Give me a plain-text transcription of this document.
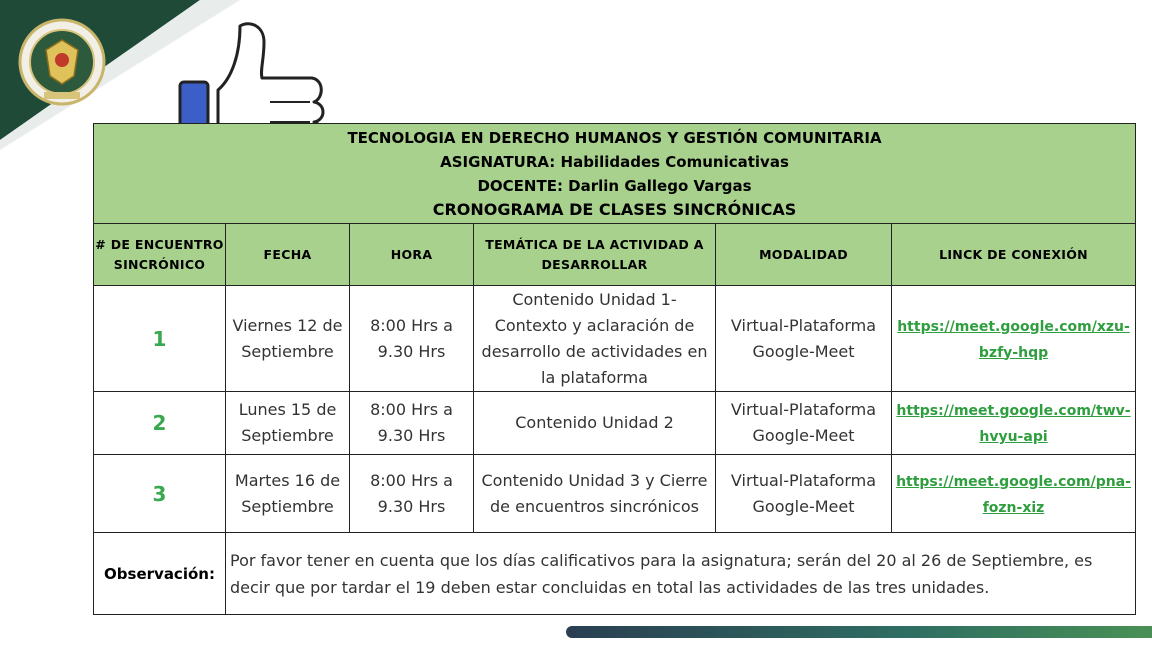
TECNOLOGIA EN DERECHO HUMANOS Y GESTIÓN COMUNITARIA
ASIGNATURA: Habilidades Comunicativas
DOCENTE: Darlin Gallego Vargas
CRONOGRAMA DE CLASES SINCRÓNICAS					

# DE ENCUENTRO SINCRÓNICO	FECHA	HORA	TEMÁTICA DE LA ACTIVIDAD A DESARROLLAR	MODALIDAD	LINCK DE CONEXIÓN
1	Viernes 12 de Septiembre	8:00 Hrs a 9.30 Hrs	Contenido Unidad 1- Contexto y aclaración de desarrollo de actividades en la plataforma	Virtual-Plataforma Google-Meet	https://meet.google.com/xzu-bzfy-hqp
2	Lunes 15 de Septiembre	8:00 Hrs a 9.30 Hrs	Contenido Unidad 2	Virtual-Plataforma Google-Meet	https://meet.google.com/twv-hvyu-api
3	Martes 16 de Septiembre	8:00 Hrs a 9.30 Hrs	Contenido Unidad 3 y Cierre de encuentros sincrónicos	Virtual-Plataforma Google-Meet	https://meet.google.com/pna-fozn-xiz
Observación:	Por favor tener en cuenta que los días calificativos para la asignatura; serán del 20 al 26 de Septiembre, es decir que por tardar el 19 deben estar concluidas en total las actividades de las tres unidades.				
